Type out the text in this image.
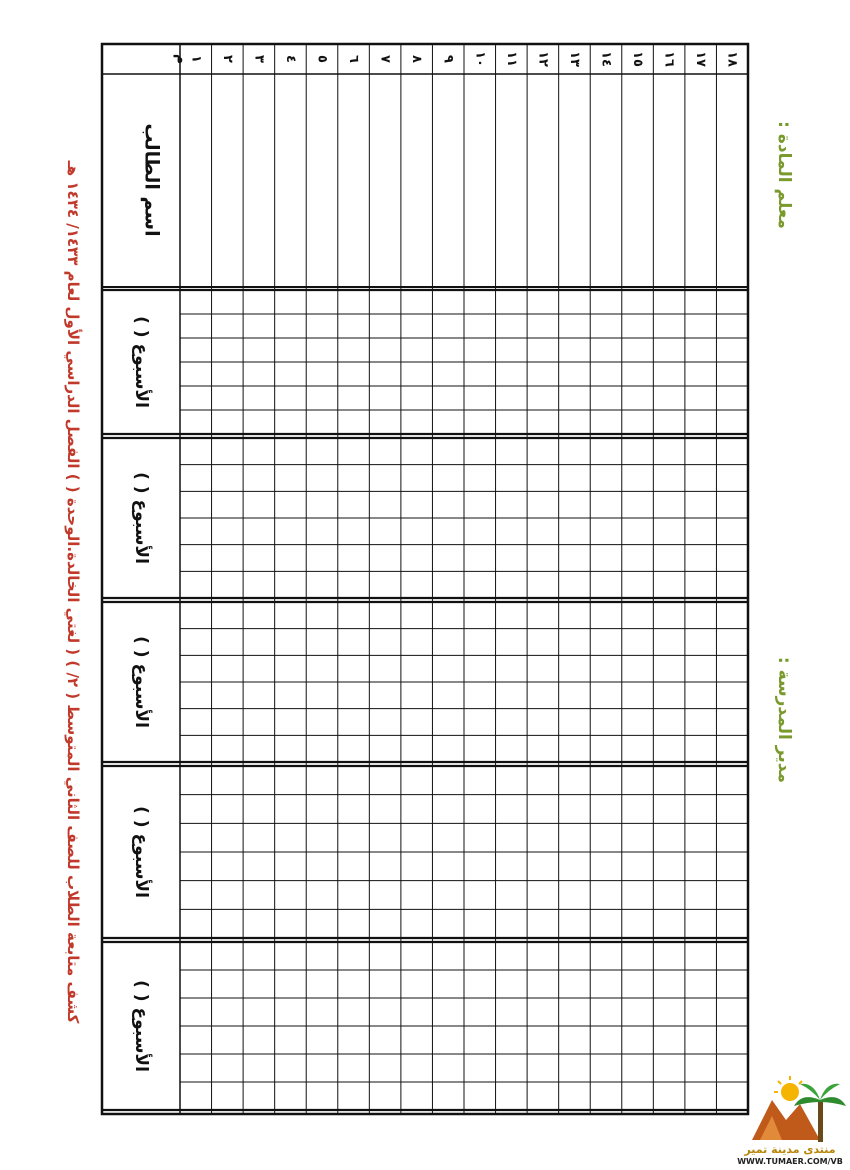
كشف متابعة الطلاب للصف الثاني المتوسط ( ٢/ ) ( لغتي الخالدة.الوحدة ( ) الفصل الدراسي الأول لعام ١٤٣٣/ ١٤٣٤ هـ
الأسبوع ( )
الأسبوع ( )
الأسبوع ( )
الأسبوع ( )
الأسبوع ( )
١ ٢ ٣ ٤ ٥ ٦ ٧ ٨ ٩ ١٠ ١١ ١٢ ١٣ ١٤ ١٥ ١٦ ١٧ ١٨
م
اسم الطالب	معلم المادة :
مدير المدرسة :
منتدى مدينة تمير
WWW.TUMAER.COM/VB
